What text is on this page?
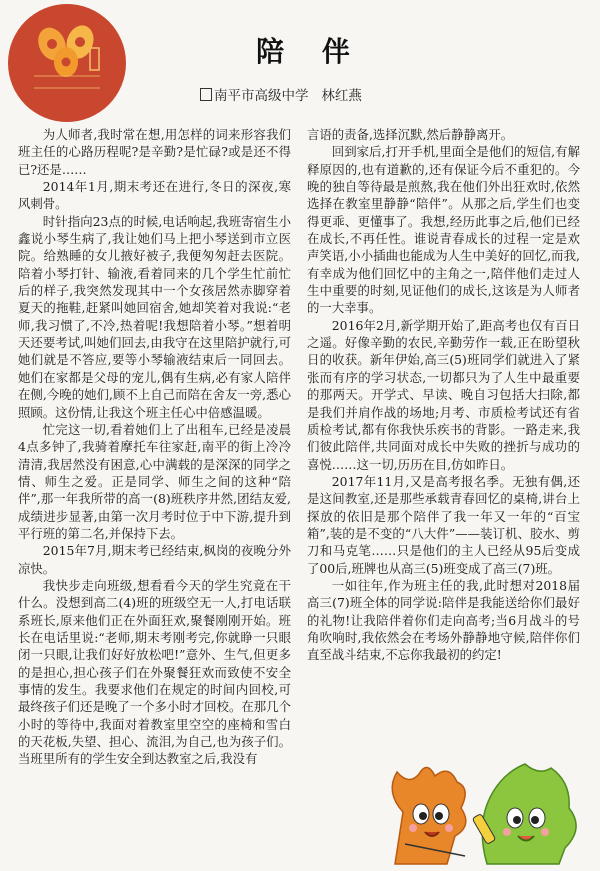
陪 伴
南平市高级中学 林红燕

为人师者,我时常在想,用怎样的词来形容我们班主任的心路历程呢?是辛勤?是忙碌?或是还不得已?还是……

2014年1月,期末考还在进行,冬日的深夜,寒风刺骨。

时针指向23点的时候,电话响起,我班寄宿生小鑫说小琴生病了,我让她们马上把小琴送到市立医院。给熟睡的女儿掖好被子,我便匆匆赶去医院。陪着小琴打针、输液,看着同来的几个学生忙前忙后的样子,我突然发现其中一个女孩居然赤脚穿着夏天的拖鞋,赶紧叫她回宿舍,她却笑着对我说:“老师,我习惯了,不冷,热着呢!我想陪着小琴。”想着明天还要考试,叫她们回去,由我守在这里陪护就行,可她们就是不答应,要等小琴输液结束后一同回去。她们在家都是父母的宠儿,偶有生病,必有家人陪伴在侧,今晚的她们,顾不上自己而陪在舍友一旁,悉心照顾。这份情,让我这个班主任心中倍感温暖。

忙完这一切,看着她们上了出租车,已经是凌晨4点多钟了,我骑着摩托车往家赶,南平的街上冷冷清清,我居然没有困意,心中满载的是深深的同学之情、师生之爱。正是同学、师生之间的这种“陪伴”,那一年我所带的高一(8)班秩序井然,团结友爱,成绩进步显著,由第一次月考时位于中下游,提升到平行班的第二名,并保持下去。

2015年7月,期末考已经结束,枫岗的夜晚分外凉快。

我快步走向班级,想看看今天的学生究竟在干什么。没想到高二(4)班的班级空无一人,打电话联系班长,原来他们正在外面狂欢,聚餐刚刚开始。班长在电话里说:“老师,期末考刚考完,你就睁一只眼闭一只眼,让我们好好放松吧!”意外、生气,但更多的是担心,担心孩子们在外聚餐狂欢而致使不安全事情的发生。我要求他们在规定的时间内回校,可最终孩子们还是晚了一个多小时才回校。在那几个小时的等待中,我面对着教室里空空的座椅和雪白的天花板,失望、担心、流泪,为自己,也为孩子们。当班里所有的学生安全到达教室之后,我没有

言语的责备,选择沉默,然后静静离开。

回到家后,打开手机,里面全是他们的短信,有解释原因的,也有道歉的,还有保证今后不重犯的。今晚的独自等待最是煎熬,我在他们外出狂欢时,依然选择在教室里静静“陪伴”。从那之后,学生们也变得更乖、更懂事了。我想,经历此事之后,他们已经在成长,不再任性。谁说青春成长的过程一定是欢声笑语,小小插曲也能成为人生中美好的回忆,而我,有幸成为他们回忆中的主角之一,陪伴他们走过人生中重要的时刻,见证他们的成长,这该是为人师者的一大幸事。

2016年2月,新学期开始了,距高考也仅有百日之遥。好像辛勤的农民,辛勤劳作一载,正在盼望秋日的收获。新年伊始,高三(5)班同学们就进入了紧张而有序的学习状态,一切都只为了人生中最重要的那两天。开学式、早读、晚自习包括大扫除,都是我们并肩作战的场地;月考、市质检考试还有省质检考试,都有你我快乐疾书的背影。一路走来,我们彼此陪伴,共同面对成长中失败的挫折与成功的喜悦……这一切,历历在目,仿如昨日。

2017年11月,又是高考报名季。无独有偶,还是这间教室,还是那些承载青春回忆的桌椅,讲台上探放的依旧是那个陪伴了我一年又一年的“百宝箱”,装的是不变的“八大件”——装订机、胶水、剪刀和马克笔……只是他们的主人已经从95后变成了00后,班牌也从高三(5)班变成了高三(7)班。

一如往年,作为班主任的我,此时想对2018届高三(7)班全体的同学说:陪伴是我能送给你们最好的礼物!让我陪伴着你们走向高考;当6月战斗的号角吹响时,我依然会在考场外静静地守候,陪伴你们直至战斗结束,不忘你我最初的约定!
